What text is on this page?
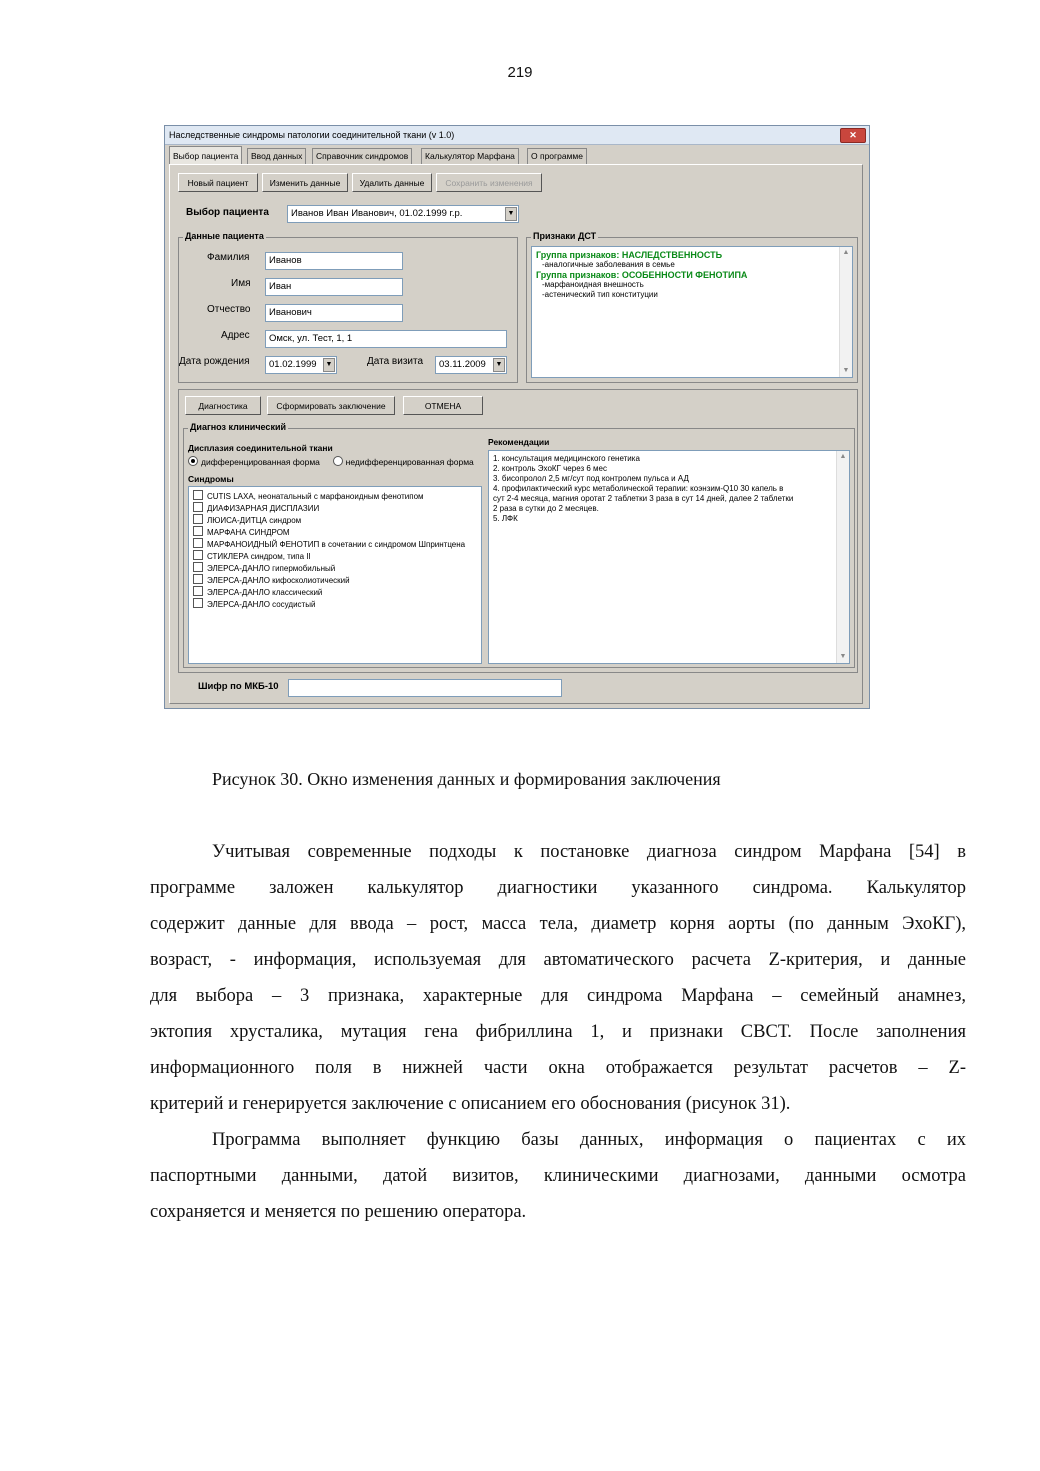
219
Наследственные синдромы патологии соединительной ткани (v 1.0)	✕
Выбор пациента	Ввод данных	Справочник синдромов	Калькулятор Марфана	О программе
Новый пациент	Изменить данные	Удалить данные	Сохранить изменения
Выбор пациента	Иванов Иван Иванович, 01.02.1999 г.р.	▼
Данные пациента
Фамилия	Иванов
Имя	Иван
Отчество	Иванович
Адрес	Омск, ул. Тест, 1, 1
Дата рождения	01.02.1999	▼	Дата визита	03.11.2009	▼
Признаки ДСТ
Группа признаков: НАСЛЕДСТВЕННОСТЬ
-аналогичные заболевания в семье
Группа признаков: ОСОБЕННОСТИ ФЕНОТИПА
-марфаноидная внешность
-астенический тип конституции
▲
▼
Диагностика	Сформировать заключение	ОТМЕНА
Диагноз клинический
Дисплазия соединительной ткани
дифференцированная форма	недифференцированная форма
Синдромы
CUTIS LAXA, неонатальный с марфаноидным фенотипом
ДИАФИЗАРНАЯ ДИСПЛАЗИИ
ЛЮИСА-ДИТЦА синдром
МАРФАНА СИНДРОМ
МАРФАНОИДНЫЙ ФЕНОТИП в сочетании с синдромом Шпринтцена
СТИКЛЕРА синдром, типа II
ЭЛЕРСА-ДАНЛО гипермобильный
ЭЛЕРСА-ДАНЛО кифосколиотический
ЭЛЕРСА-ДАНЛО классический
ЭЛЕРСА-ДАНЛО сосудистый
Рекомендации
1. консультация медицинского генетика
2. контроль ЭхоКГ через 6 мес
3. бисопролол 2,5 мг/сут под контролем пульса и АД
4. профилактический курс метаболической терапии: коэнзим-Q10 30 капель в
сут 2-4 месяца, магния оротат 2 таблетки 3 раза в сут 14 дней, далее 2 таблетки
2 раза в сутки до 2 месяцев.
5. ЛФК
▲
▼
Шифр по МКБ-10
Рисунок 30. Окно изменения данных и формирования заключения
Учитывая современные подходы к постановке диагноза синдром Марфана [54] в
программе заложен калькулятор диагностики указанного синдрома. Калькулятор
содержит данные для ввода – рост, масса тела, диаметр корня аорты (по данным ЭхоКГ),
возраст, - информация, используемая для автоматического расчета Z-критерия, и данные
для выбора – 3 признака, характерные для синдрома Марфана – семейный анамнез,
эктопия хрусталика, мутация гена фибриллина 1, и признаки СВСТ. После заполнения
информационного поля в нижней части окна отображается результат расчетов – Z-
критерий и генерируется заключение с описанием его обоснования (рисунок 31).
Программа выполняет функцию базы данных, информация о пациентах с их
паспортными данными, датой визитов, клиническими диагнозами, данными осмотра
сохраняется и меняется по решению оператора.
